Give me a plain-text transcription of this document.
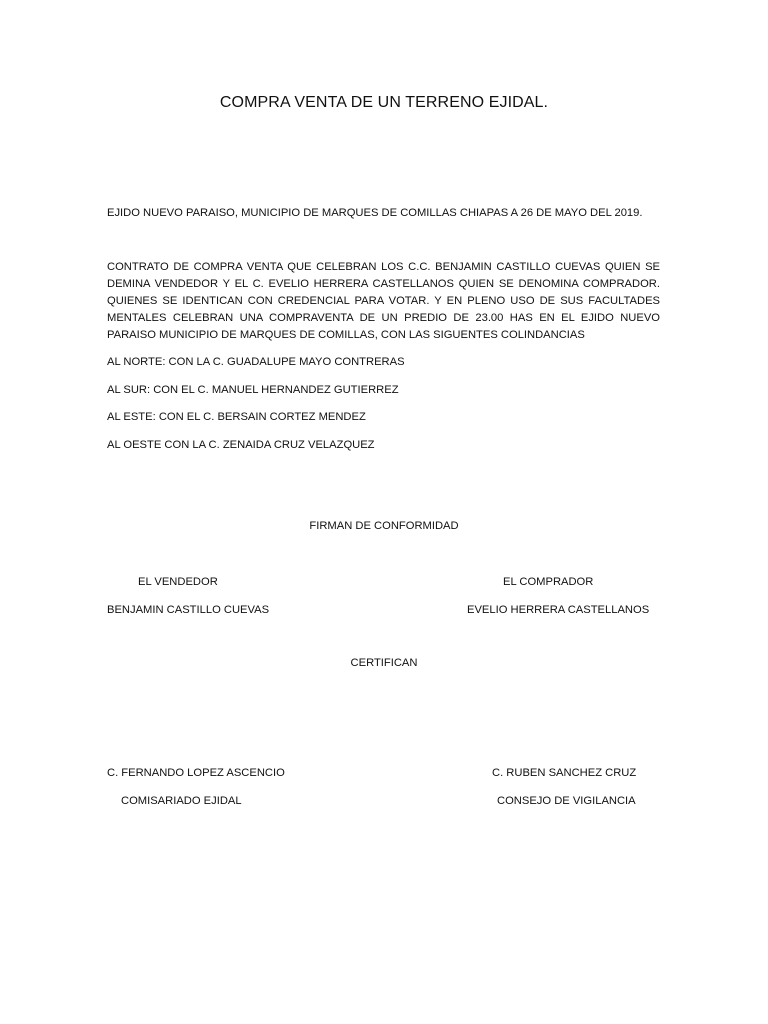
COMPRA VENTA DE UN TERRENO EJIDAL.
EJIDO NUEVO PARAISO, MUNICIPIO DE MARQUES DE COMILLAS CHIAPAS A 26 DE MAYO DEL 2019.
CONTRATO DE COMPRA VENTA QUE CELEBRAN LOS C.C. BENJAMIN CASTILLO CUEVAS QUIEN SE DEMINA VENDEDOR Y EL C. EVELIO HERRERA CASTELLANOS QUIEN SE DENOMINA COMPRADOR. QUIENES SE IDENTICAN CON CREDENCIAL PARA VOTAR. Y EN PLENO USO DE SUS FACULTADES MENTALES CELEBRAN UNA COMPRAVENTA DE UN PREDIO DE 23.00 HAS EN EL EJIDO NUEVO PARAISO MUNICIPIO DE MARQUES DE COMILLAS, CON LAS SIGUENTES COLINDANCIAS
AL NORTE: CON LA C. GUADALUPE MAYO CONTRERAS
AL SUR: CON EL C. MANUEL HERNANDEZ GUTIERREZ
AL ESTE: CON EL C. BERSAIN CORTEZ MENDEZ
AL OESTE CON LA C. ZENAIDA CRUZ VELAZQUEZ
FIRMAN DE CONFORMIDAD
EL VENDEDOR	EL COMPRADOR
BENJAMIN CASTILLO CUEVAS	EVELIO HERRERA CASTELLANOS
CERTIFICAN
C. FERNANDO LOPEZ ASCENCIO	C. RUBEN SANCHEZ CRUZ
COMISARIADO EJIDAL	CONSEJO DE VIGILANCIA
